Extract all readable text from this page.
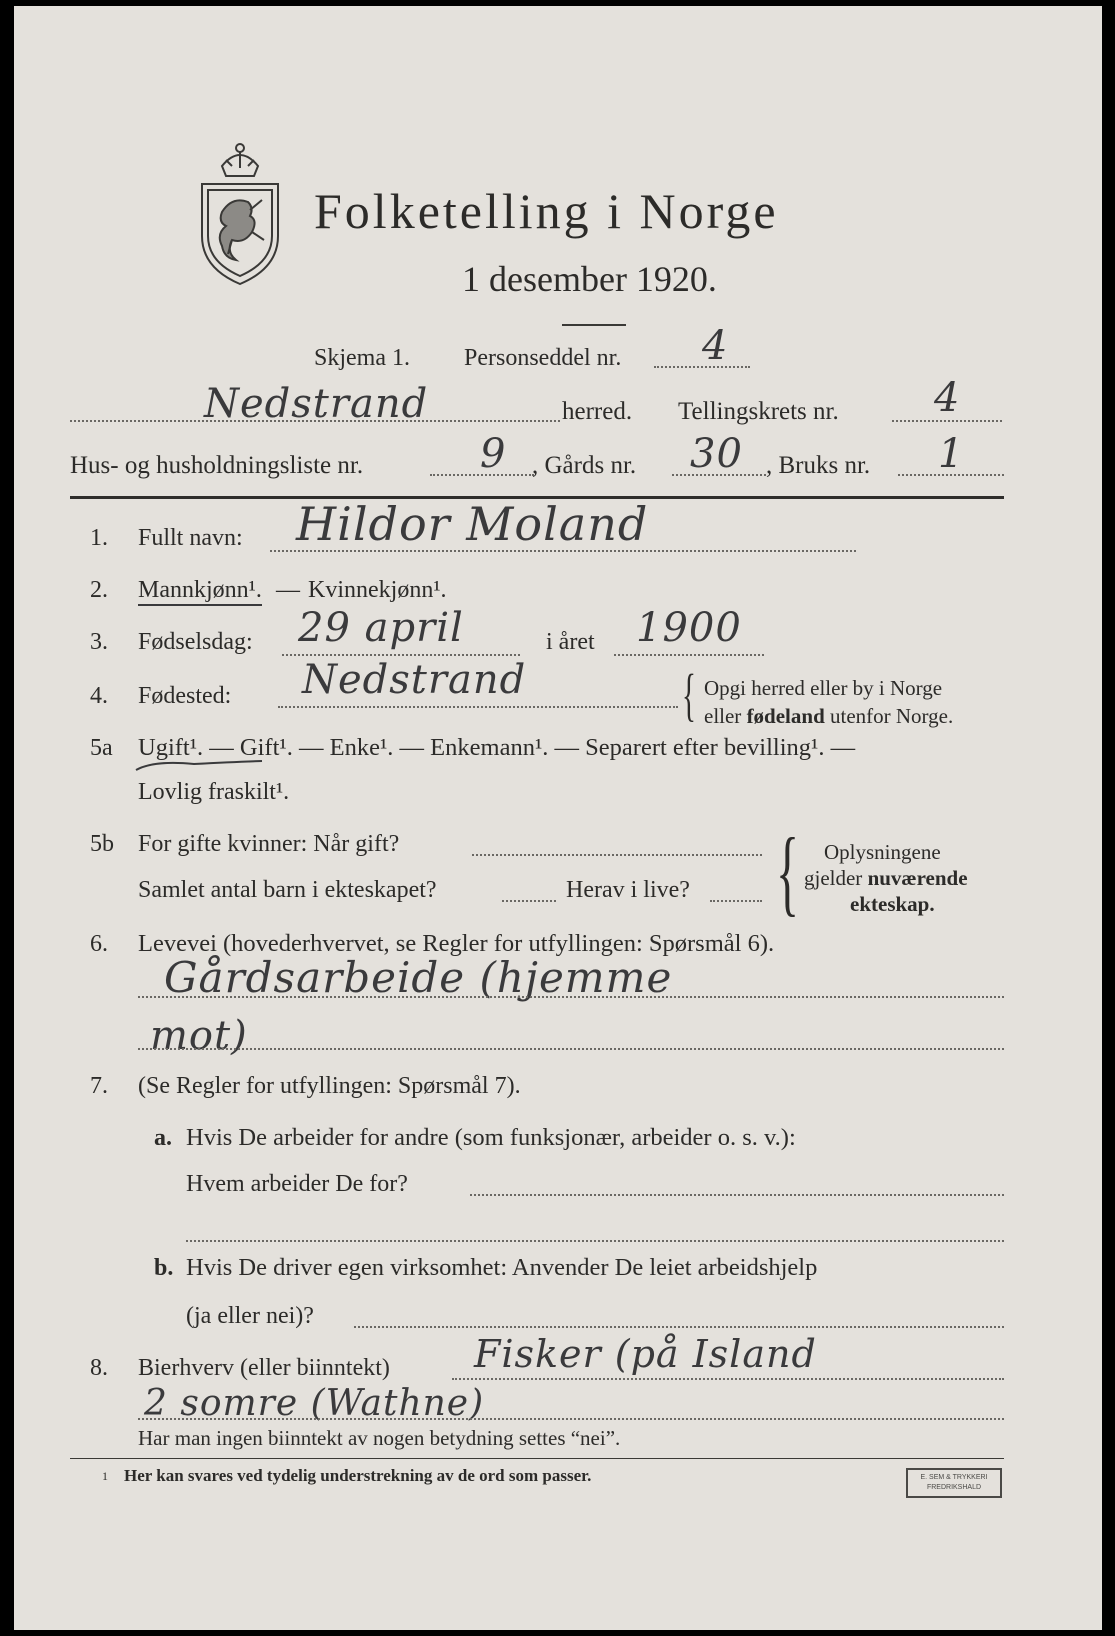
Folketelling i Norge
1 desember 1920.
Skjema 1. Personseddel nr. 4
Nedstrand	herred. Tellingskrets nr. 4
Hus- og husholdningsliste nr.	9 , Gårds nr. 30 , Bruks nr. 1
1. Fullt navn: Hildor Moland
2. Mannkjønn¹. — Kvinnekjønn¹.
3. Fødselsdag: 29 april	i året 1900
4. Fødested: Nedstrand	{ Opgi herred eller by i Norge
eller fødeland utenfor Norge.
5a Ugift¹. — Gift¹. — Enke¹. — Enkemann¹. — Separert efter bevilling¹. —
Lovlig fraskilt¹.
5b For gifte kvinner: Når gift?
Samlet antal barn i ekteskapet?	Herav i live? { Oplysningene
gjelder nuværende
ekteskap.
6. Levevei (hovederhvervet, se Regler for utfyllingen: Spørsmål 6).
Gårdsarbeide (hjemme
mot)
7. (Se Regler for utfyllingen: Spørsmål 7).
a. Hvis De arbeider for andre (som funksjonær, arbeider o. s. v.):
Hvem arbeider De for?
b. Hvis De driver egen virksomhet: Anvender De leiet arbeidshjelp
(ja eller nei)?
8. Bierhverv (eller biinntekt) Fisker (på Island
2 somre (Wathne)
Har man ingen biinntekt av nogen betydning settes “nei”.
1 Her kan svares ved tydelig understrekning av de ord som passer.	E. SEM & TRYKKERI
FREDRIKSHALD
